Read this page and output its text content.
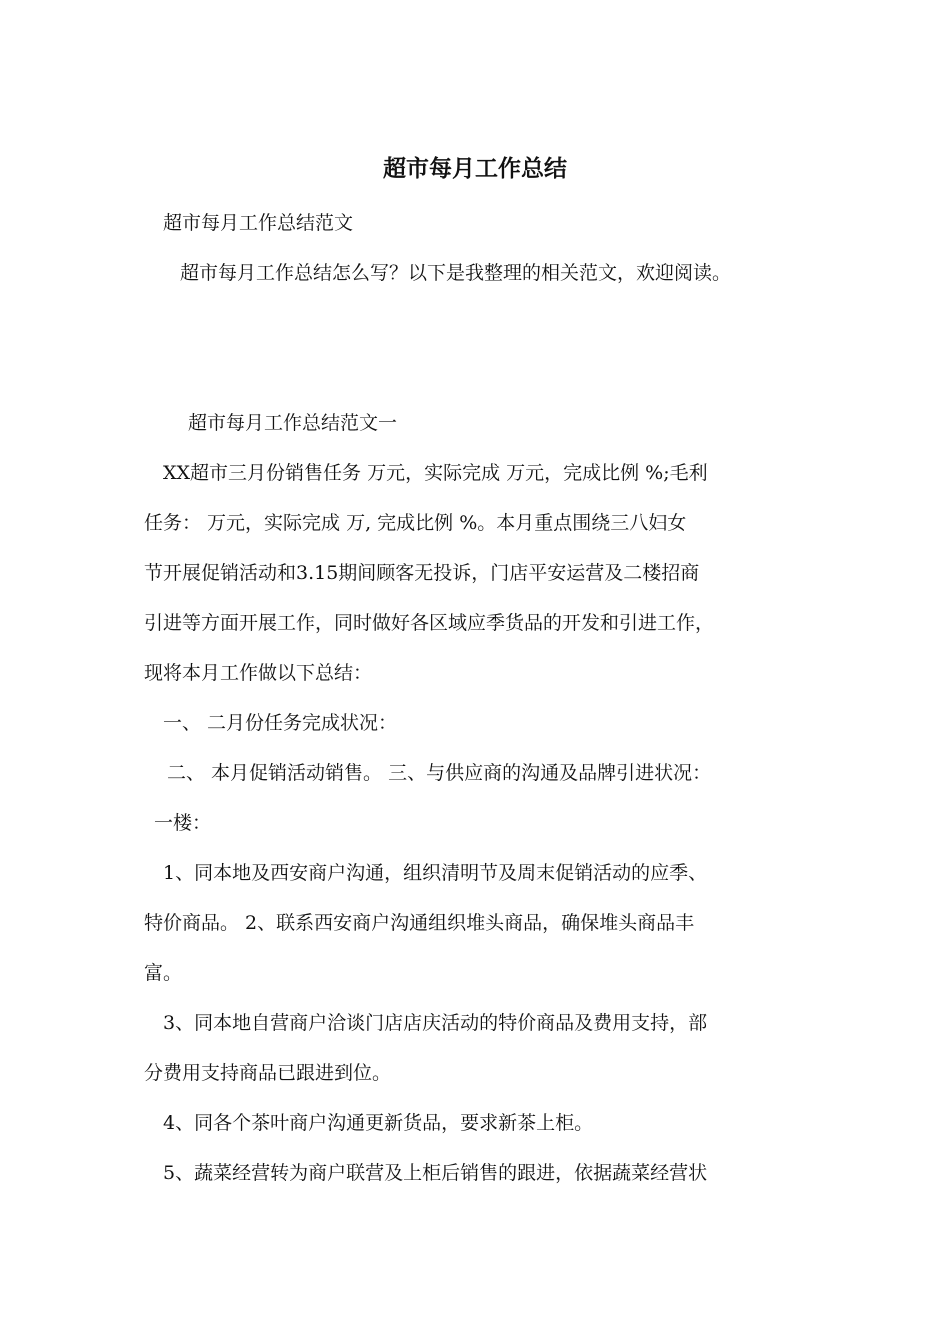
超市每月工作总结
超市每月工作总结范文
超市每月工作总结怎么写？以下是我整理的相关范文，欢迎阅读。
超市每月工作总结范文一
XX超市三月份销售任务 万元，实际完成 万元，完成比例 %;毛利
任务： 万元，实际完成 万, 完成比例 %。本月重点围绕三八妇女
节开展促销活动和3.15期间顾客无投诉，门店平安运营及二楼招商
引进等方面开展工作，同时做好各区域应季货品的开发和引进工作，
现将本月工作做以下总结：
一、 二月份任务完成状况：
二、 本月促销活动销售。 三、与供应商的沟通及品牌引进状况：
一楼：
1、同本地及西安商户沟通，组织清明节及周末促销活动的应季、
特价商品。 2、联系西安商户沟通组织堆头商品，确保堆头商品丰
富。
3、同本地自营商户洽谈门店店庆活动的特价商品及费用支持，部
分费用支持商品已跟进到位。
4、同各个茶叶商户沟通更新货品，要求新茶上柜。
5、蔬菜经营转为商户联营及上柜后销售的跟进，依据蔬菜经营状
